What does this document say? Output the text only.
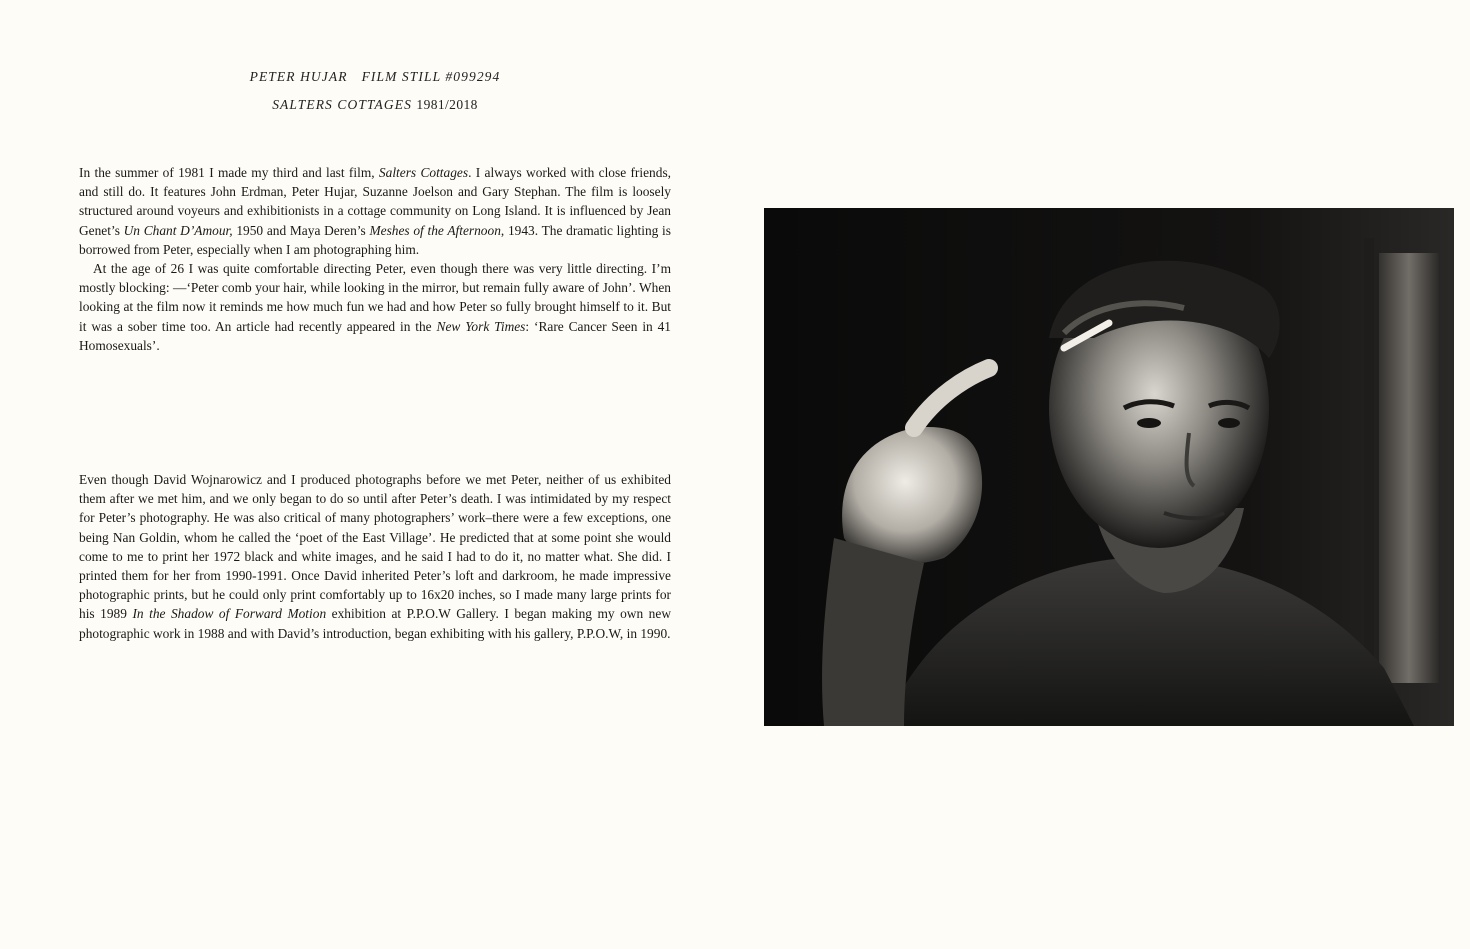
PETER HUJAR FILM STILL #099294
SALTERS COTTAGES 1981/2018

In the summer of 1981 I made my third and last film, Salters Cottages. I always worked with close friends, and still do. It features John Erdman, Peter Hujar, Suzanne Joelson and Gary Stephan. The film is loosely structured around voyeurs and exhibitionists in a cottage community on Long Island. It is influenced by Jean Genet’s Un Chant D’Amour, 1950 and Maya Deren’s Meshes of the Afternoon, 1943. The dramatic lighting is borrowed from Peter, especially when I am photographing him.

At the age of 26 I was quite comfortable directing Peter, even though there was very little directing. I’m mostly blocking: —‘Peter comb your hair, while looking in the mirror, but remain fully aware of John’. When looking at the film now it reminds me how much fun we had and how Peter so fully brought himself to it. But it was a sober time too. An article had recently appeared in the New York Times: ‘Rare Cancer Seen in 41 Homosexuals’.

Even though David Wojnarowicz and I produced photographs before we met Peter, neither of us exhibited them after we met him, and we only began to do so until after Peter’s death. I was intimidated by my respect for Peter’s photography. He was also critical of many photographers’ work–there were a few exceptions, one being Nan Goldin, whom he called the ‘poet of the East Village’. He predicted that at some point she would come to me to print her 1972 black and white images, and he said I had to do it, no matter what. She did. I printed them for her from 1990-1991. Once David inherited Peter’s loft and darkroom, he made impressive photographic prints, but he could only print comfortably up to 16x20 inches, so I made many large prints for his 1989 In the Shadow of Forward Motion exhibition at P.P.O.W Gallery. I began making my own new photographic work in 1988 and with David’s introduction, began exhibiting with his gallery, P.P.O.W, in 1990.
